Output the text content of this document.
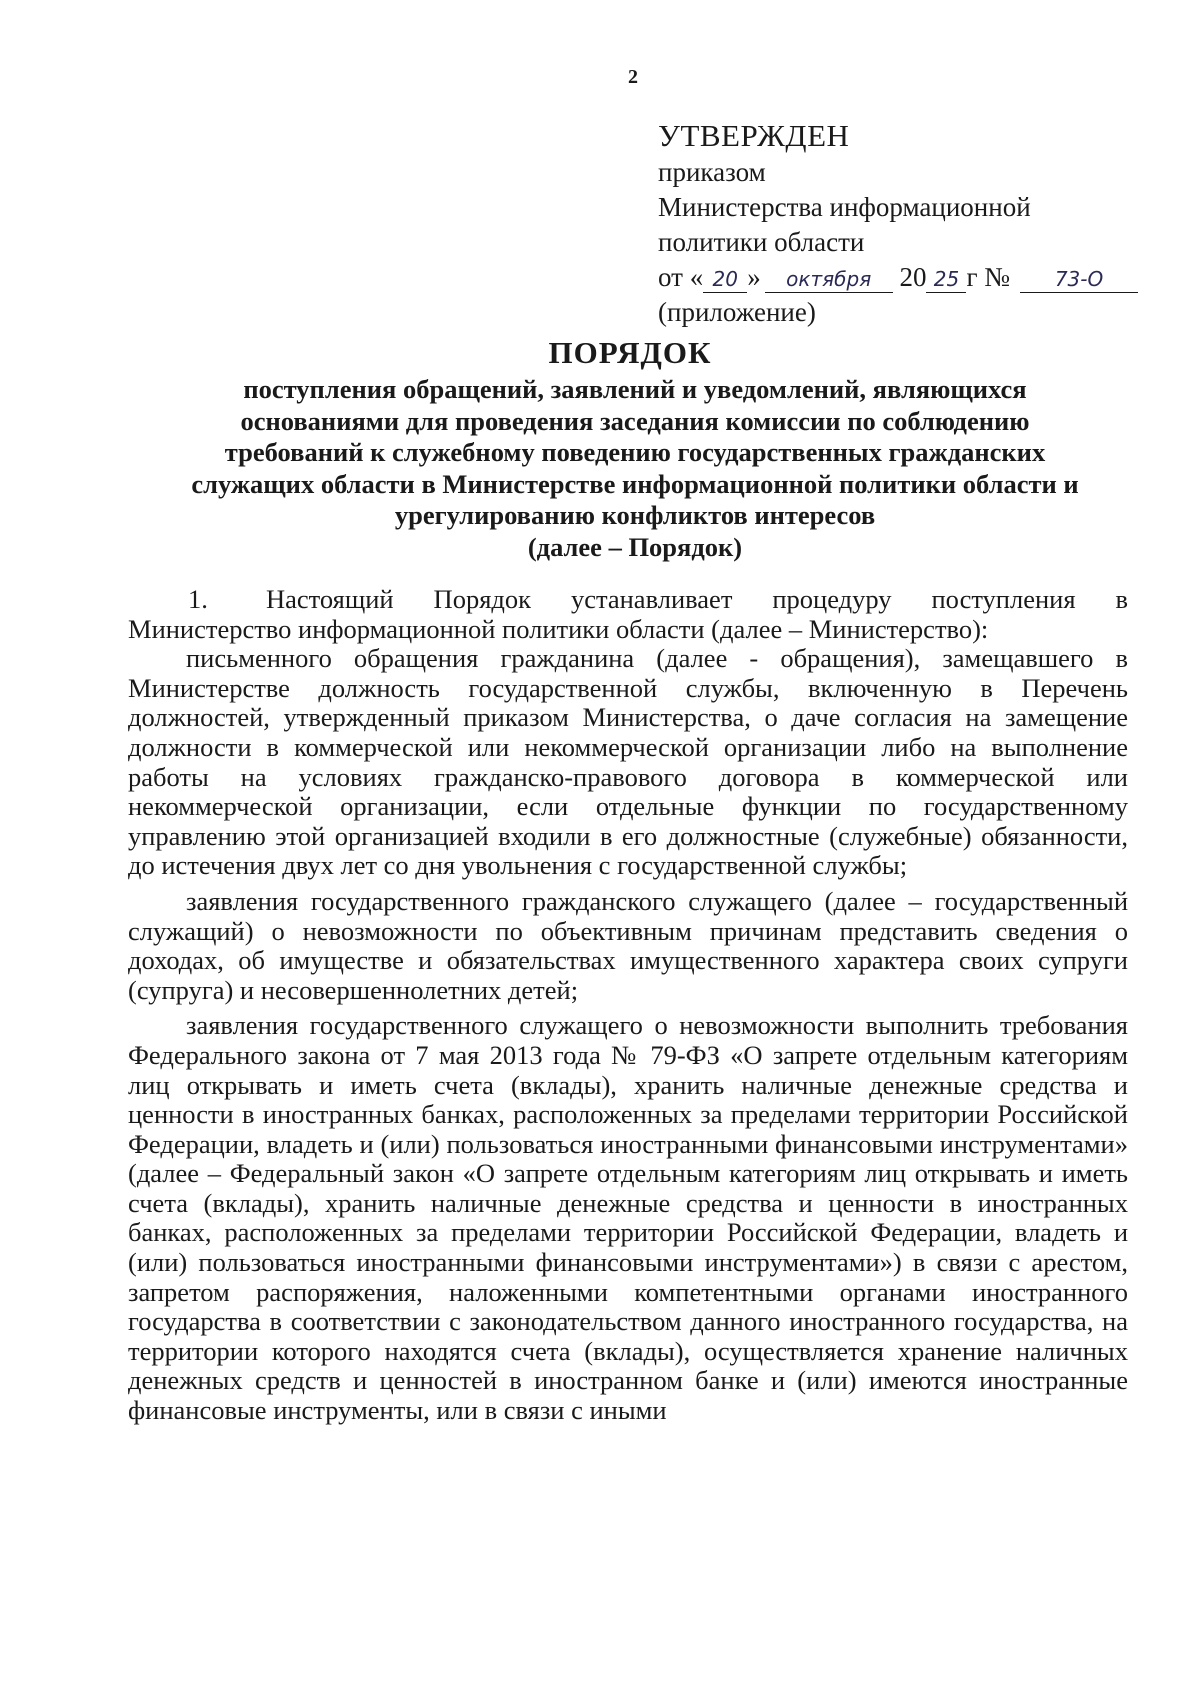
2
УТВЕРЖДЕН
приказом
Министерства информационной
политики области
от « 20 » октября 20 25 г № 73-О
(приложение)
ПОРЯДОК
поступления обращений, заявлений и уведомлений, являющихся
основаниями для проведения заседания комиссии по соблюдению
требований к служебному поведению государственных гражданских
служащих области в Министерстве информационной политики области и
урегулированию конфликтов интересов
(далее – Порядок)

1. Настоящий Порядок устанавливает процедуру поступления в Министерство информационной политики области (далее – Министерство):

письменного обращения гражданина (далее - обращения), замещавшего в Министерстве должность государственной службы, включенную в Перечень должностей, утвержденный приказом Министерства, о даче согласия на замещение должности в коммерческой или некоммерческой организации либо на выполнение работы на условиях гражданско-правового договора в коммерческой или некоммерческой организации, если отдельные функции по государственному управлению этой организацией входили в его должностные (служебные) обязанности, до истечения двух лет со дня увольнения с государственной службы;

заявления государственного гражданского служащего (далее – государственный служащий) о невозможности по объективным причинам представить сведения о доходах, об имуществе и обязательствах имущественного характера своих супруги (супруга) и несовершеннолетних детей;

заявления государственного служащего о невозможности выполнить требования Федерального закона от 7 мая 2013 года № 79-ФЗ «О запрете отдельным категориям лиц открывать и иметь счета (вклады), хранить наличные денежные средства и ценности в иностранных банках, расположенных за пределами территории Российской Федерации, владеть и (или) пользоваться иностранными финансовыми инструментами» (далее – Федеральный закон «О запрете отдельным категориям лиц открывать и иметь счета (вклады), хранить наличные денежные средства и ценности в иностранных банках, расположенных за пределами территории Российской Федерации, владеть и (или) пользоваться иностранными финансовыми инструментами») в связи с арестом, запретом распоряжения, наложенными компетентными органами иностранного государства в соответствии с законодательством данного иностранного государства, на территории которого находятся счета (вклады), осуществляется хранение наличных денежных средств и ценностей в иностранном банке и (или) имеются иностранные финансовые инструменты, или в связи с иными
